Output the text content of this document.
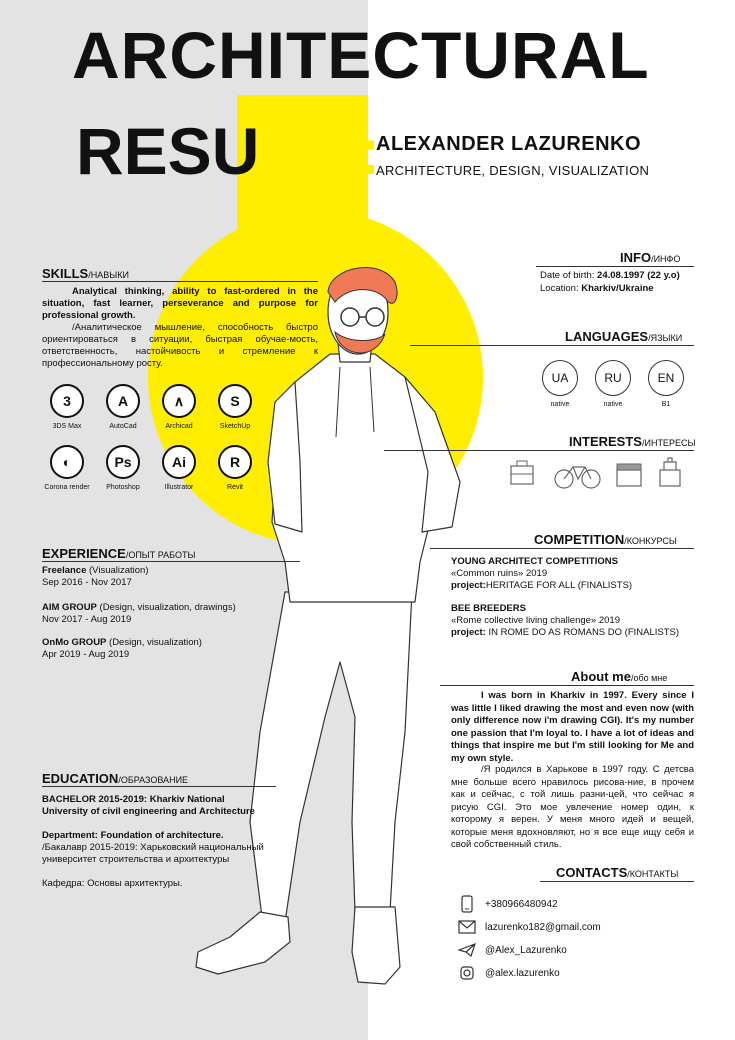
ARCHITECTURAL
RESUME:
ALEXANDER LAZURENKO
ARCHITECTURE, DESIGN, VISUALIZATION
SKILLS/НАВЫКИ
Analytical thinking, ability to fast-ordered in the situation, fast learner, perseverance and purpose for professional growth.
/Аналитическое мышление, способность быстро ориентироваться в ситуации, быстрая обучае-мость, ответственность, настойчивость и стремление к профессиональному росту.
3
3DS Max
A
AutoCad
∧
Archicad
S
SketchUp
◐
Corona render
Ps
Photoshop
Ai
Illustrator
R
Revit
INFO/ИНФО
Date of birth: 24.08.1997 (22 y.o)
Location: Kharkiv/Ukraine
LANGUAGES/ЯЗЫКИ
UA
native
RU
native
EN
B1
INTERESTS/ИНТЕРЕСЫ
EXPERIENCE/ОПЫТ РАБОТЫ
Freelance (Visualization)
Sep 2016 - Nov 2017
AIM GROUP (Design, visualization, drawings)
Nov 2017 - Aug 2019
OnMo GROUP (Design, visualization)
Apr 2019 - Aug 2019
COMPETITION/КОНКУРСЫ
YOUNG ARCHITECT COMPETITIONS
«Common ruins» 2019
project:HERITAGE FOR ALL (FINALISTS)
BEE BREEDERS
«Rome collective living challenge» 2019
project: IN ROME DO AS ROMANS DO (FINALISTS)
About me/обо мне
I was born in Kharkiv in 1997. Every since I was little I liked drawing the most and even now (with only difference now i'm drawing CGI). It's my number one passion that I'm loyal to. I have a lot of ideas and things that inspire me but I'm still looking for Me and my own style.
/Я родился в Харькове в 1997 году. С детсва мне больше всего нравилось рисова-ние, в прочем как и сейчас, с той лишь разни-цей, что сейчас я рисую CGI. Это мое увлечение номер один, к которому я верен. У меня много идей и вещей, которые меня вдохновляют, но я все еще ищу себя и свой собственный стиль.
EDUCATION/ОБРАЗОВАНИЕ
BACHELOR 2015-2019: Kharkiv National University of civil engineering and Architecture
Department: Foundation of architecture.
/Бакалавр 2015-2019: Харьковский национальный университет строительства и архитектуры
Кафедра: Основы архитектуры.
CONTACTS/КОНТАКТЫ
+380966480942
lazurenko182@gmail.com
@Alex_Lazurenko
@alex.lazurenko
